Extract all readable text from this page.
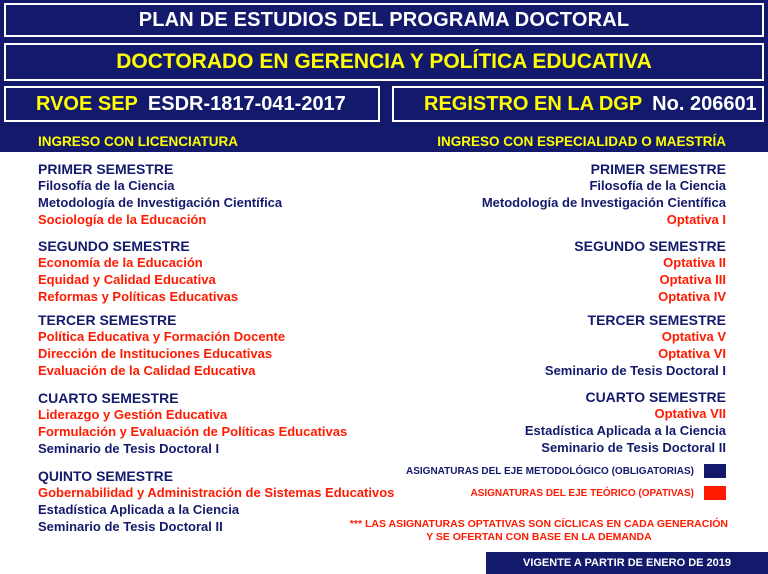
PLAN DE ESTUDIOS DEL PROGRAMA DOCTORAL
DOCTORADO EN GERENCIA Y POLÍTICA EDUCATIVA
RVOE SEP ESDR-1817-041-2017	REGISTRO EN LA DGP No. 206601
INGRESO CON LICENCIATURA	INGRESO CON ESPECIALIDAD O MAESTRÍA
PRIMER SEMESTRE
Filosofía de la Ciencia
Metodología de Investigación Científica
Sociología de la Educación
SEGUNDO SEMESTRE
Economía de la Educación
Equidad y Calidad Educativa
Reformas y Políticas Educativas
TERCER SEMESTRE
Política Educativa y Formación Docente
Dirección de Instituciones Educativas
Evaluación de la Calidad Educativa
CUARTO SEMESTRE
Liderazgo y Gestión Educativa
Formulación y Evaluación de Políticas Educativas
Seminario de Tesis Doctoral I
QUINTO SEMESTRE
Gobernabilidad y Administración de Sistemas Educativos
Estadística Aplicada a la Ciencia
Seminario de Tesis Doctoral II
PRIMER SEMESTRE
Filosofía de la Ciencia
Metodología de Investigación Científica
Optativa I
SEGUNDO SEMESTRE
Optativa II
Optativa III
Optativa IV
TERCER SEMESTRE
Optativa V
Optativa VI
Seminario de Tesis Doctoral I
CUARTO SEMESTRE
Optativa VII
Estadística Aplicada a la Ciencia
Seminario de Tesis Doctoral II
ASIGNATURAS DEL EJE METODOLÓGICO (OBLIGATORIAS)
ASIGNATURAS DEL EJE TEÓRICO (OPATIVAS)
*** LAS ASIGNATURAS OPTATIVAS SON CÍCLICAS EN CADA GENERACIÓN
Y SE OFERTAN CON BASE EN LA DEMANDA
VIGENTE A PARTIR DE ENERO DE 2019
